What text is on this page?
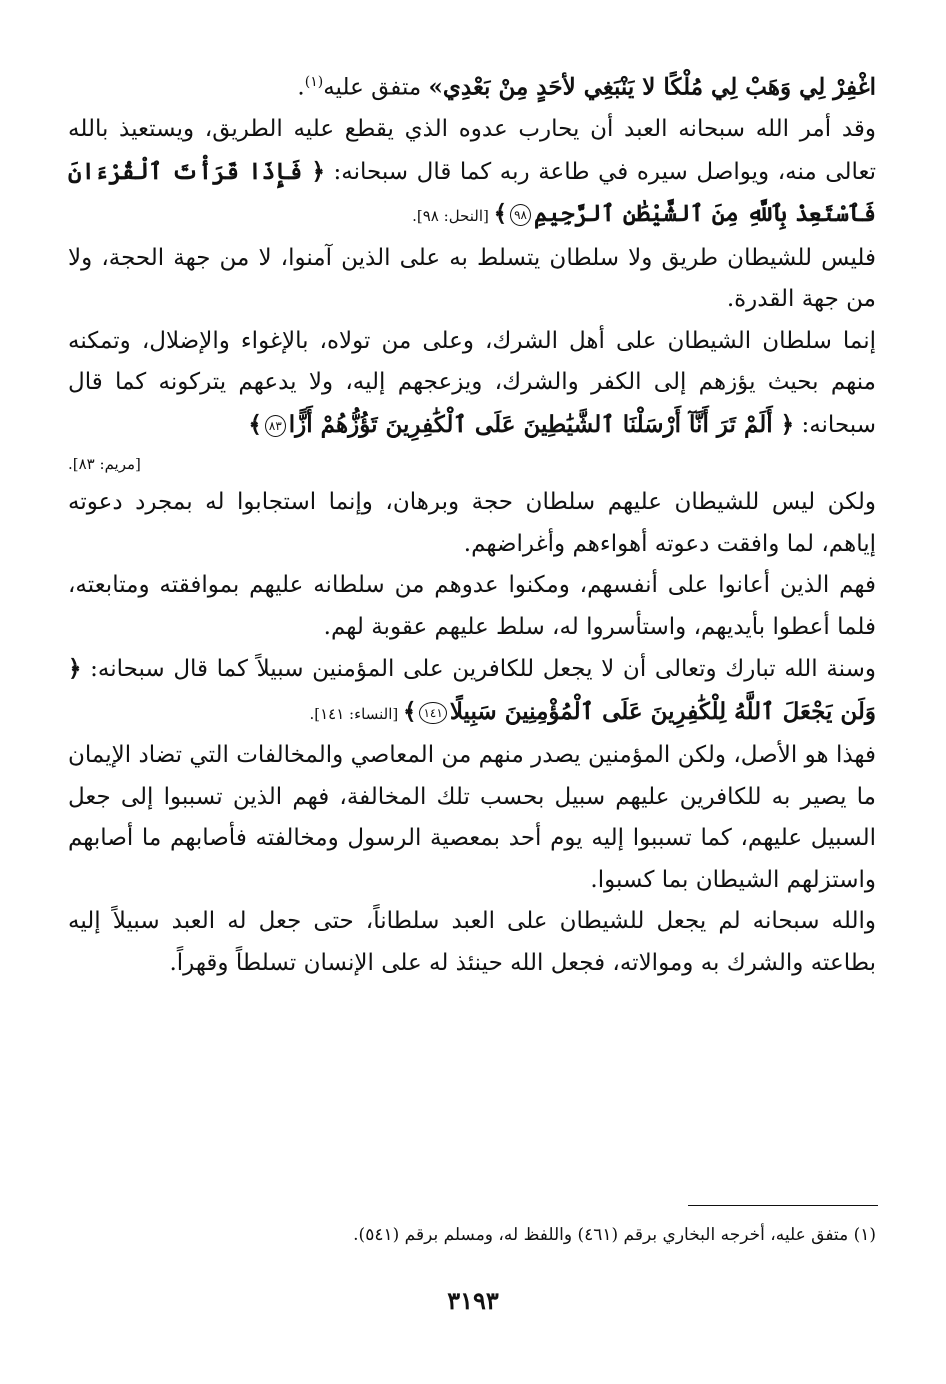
اغْفِرْ لِي وَهَبْ لِي مُلْكًا لا يَنْبَغِي لأحَدٍ مِنْ بَعْدِي» متفق عليه$^{(١)}$.

وقد أمر الله سبحانه العبد أن يحارب عدوه الذي يقطع عليه الطريق، ويستعيذ بالله تعالى منه، ويواصل سيره في طاعة ربه كما قال سبحانه: ﴿ فَإِذَا قَرَأْتَ ٱلْقُرْءَانَ فَٱسْتَعِذْ بِٱللَّهِ مِنَ ٱلشَّيْطَٰنِ ٱلرَّجِيمِ٩٨﴾ [النحل: ٩٨].

فليس للشيطان طريق ولا سلطان يتسلط به على الذين آمنوا، لا من جهة الحجة، ولا من جهة القدرة.

إنما سلطان الشيطان على أهل الشرك، وعلى من تولاه، بالإغواء والإضلال، وتمكنه منهم بحيث يؤزهم إلى الكفر والشرك، ويزعجهم إليه، ولا يدعهم يتركونه كما قال سبحانه: ﴿ أَلَمْ تَرَ أَنَّآ أَرْسَلْنَا ٱلشَّيَٰطِينَ عَلَى ٱلْكَٰفِرِينَ تَؤُزُّهُمْ أَزًّا٨٣﴾

[مريم: ٨٣].

ولكن ليس للشيطان عليهم سلطان حجة وبرهان، وإنما استجابوا له بمجرد دعوته إياهم، لما وافقت دعوته أهواءهم وأغراضهم.

فهم الذين أعانوا على أنفسهم، ومكنوا عدوهم من سلطانه عليهم بموافقته ومتابعته، فلما أعطوا بأيديهم، واستأسروا له، سلط عليهم عقوبة لهم.

وسنة الله تبارك وتعالى أن لا يجعل للكافرين على المؤمنين سبيلاً كما قال سبحانه: ﴿ وَلَن يَجْعَلَ ٱللَّهُ لِلْكَٰفِرِينَ عَلَى ٱلْمُؤْمِنِينَ سَبِيلًا١٤١﴾ [النساء: ١٤١].

فهذا هو الأصل، ولكن المؤمنين يصدر منهم من المعاصي والمخالفات التي تضاد الإيمان ما يصير به للكافرين عليهم سبيل بحسب تلك المخالفة، فهم الذين تسببوا إلى جعل السبيل عليهم، كما تسببوا إليه يوم أحد بمعصية الرسول ومخالفته فأصابهم ما أصابهم واستزلهم الشيطان بما كسبوا.

والله سبحانه لم يجعل للشيطان على العبد سلطاناً، حتى جعل له العبد سبيلاً إليه بطاعته والشرك به وموالاته، فجعل الله حينئذ له على الإنسان تسلطاً وقهراً.

(١) متفق عليه، أخرجه البخاري برقم (٤٦١) واللفظ له، ومسلم برقم (٥٤١).
٣١٩٣
